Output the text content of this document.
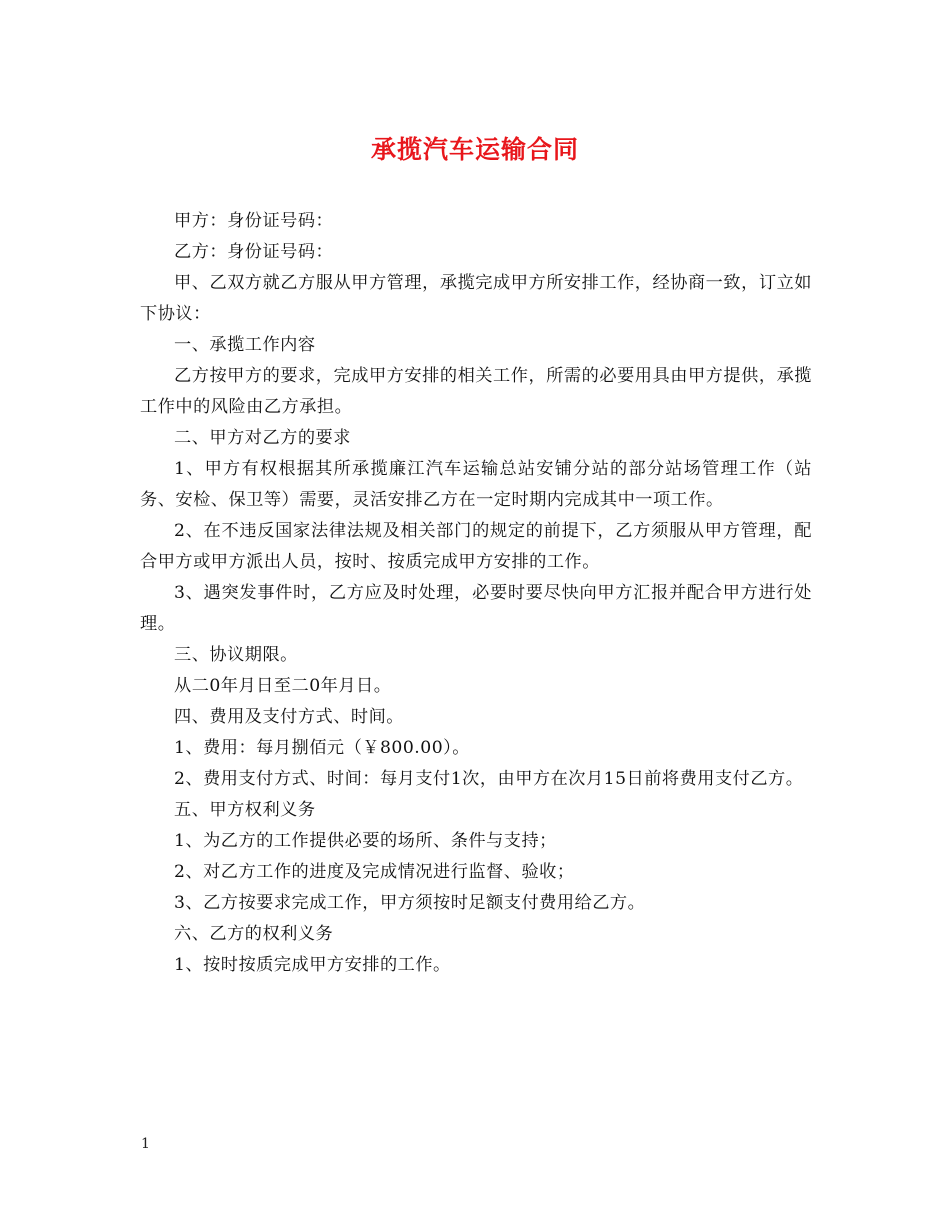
承揽汽车运输合同

甲方：身份证号码：

乙方：身份证号码：

甲、乙双方就乙方服从甲方管理，承揽完成甲方所安排工作，经协商一致，订立如下协议：

一、承揽工作内容

乙方按甲方的要求，完成甲方安排的相关工作，所需的必要用具由甲方提供，承揽工作中的风险由乙方承担。

二、甲方对乙方的要求

1、甲方有权根据其所承揽廉江汽车运输总站安铺分站的部分站场管理工作（站务、安检、保卫等）需要，灵活安排乙方在一定时期内完成其中一项工作。

2、在不违反国家法律法规及相关部门的规定的前提下，乙方须服从甲方管理，配合甲方或甲方派出人员，按时、按质完成甲方安排的工作。

3、遇突发事件时，乙方应及时处理，必要时要尽快向甲方汇报并配合甲方进行处理。

三、协议期限。

从二0年月日至二0年月日。

四、费用及支付方式、时间。

1、费用：每月捌佰元（￥800.00）。

2、费用支付方式、时间：每月支付1次，由甲方在次月15日前将费用支付乙方。

五、甲方权利义务

1、为乙方的工作提供必要的场所、条件与支持；

2、对乙方工作的进度及完成情况进行监督、验收；

3、乙方按要求完成工作，甲方须按时足额支付费用给乙方。

六、乙方的权利义务

1、按时按质完成甲方安排的工作。

1
